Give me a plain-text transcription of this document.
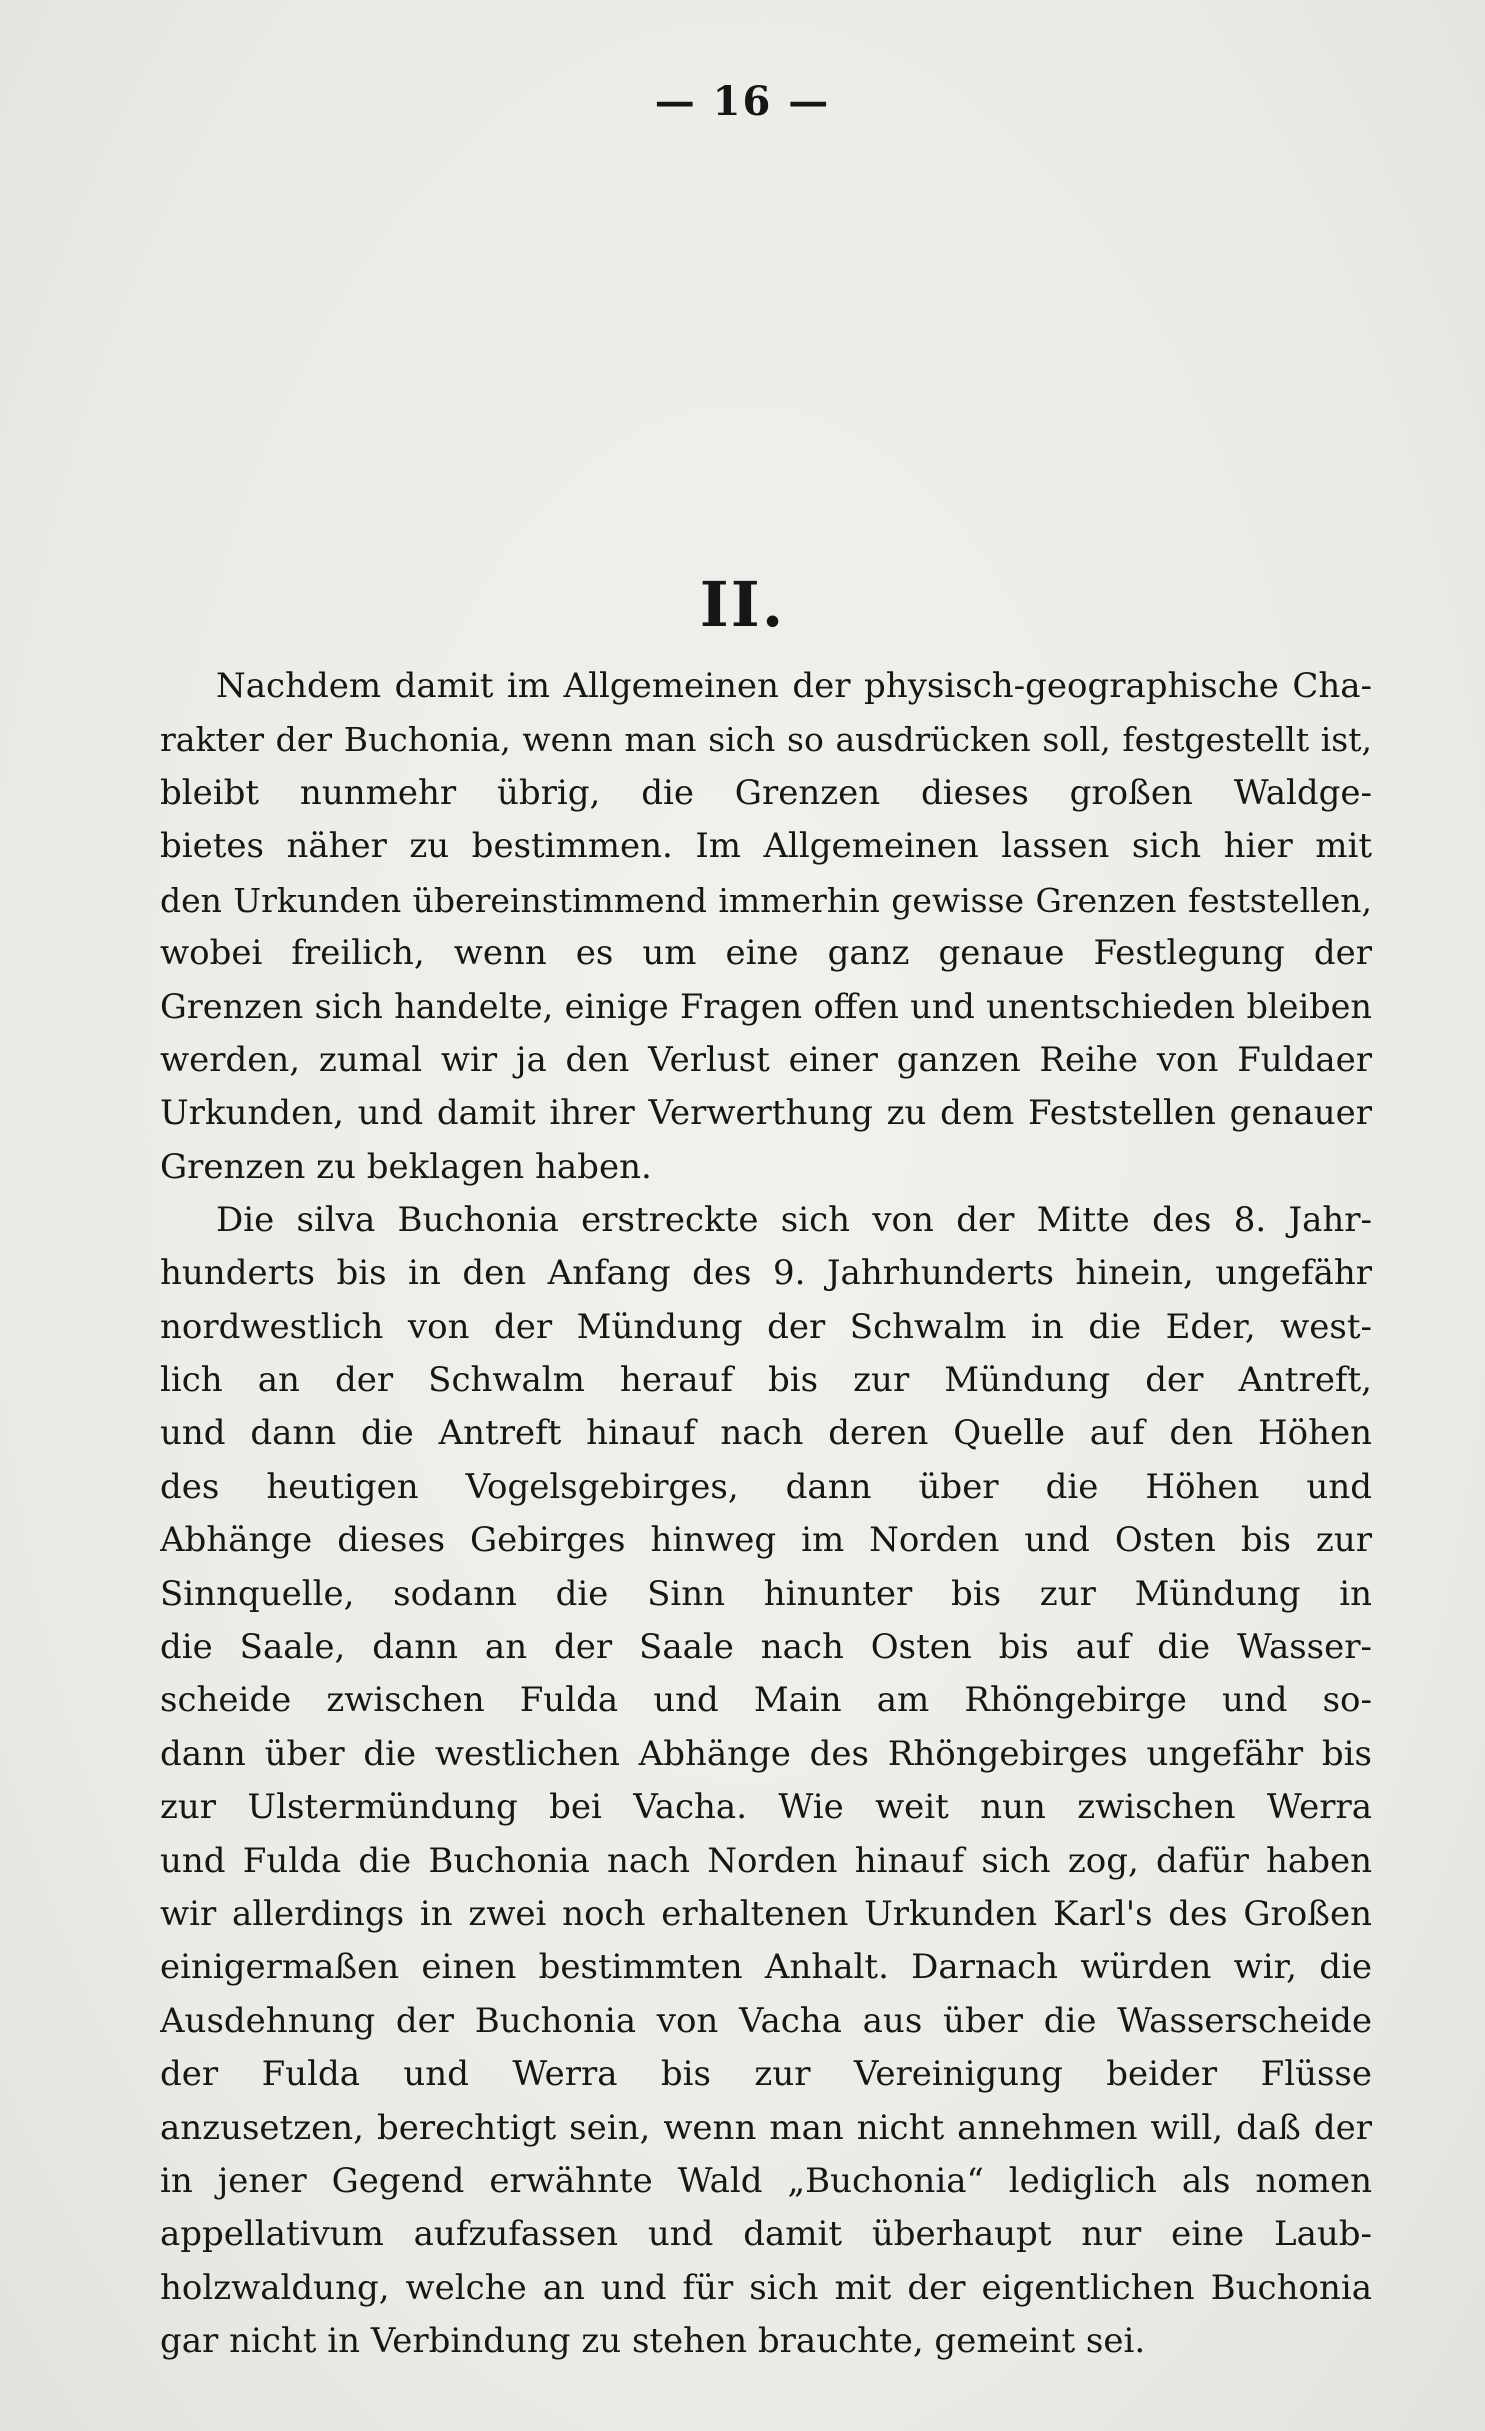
— 16 —
II.
Nachdem damit im Allgemeinen der physisch-geographische Cha-
rakter der Buchonia, wenn man sich so ausdrücken soll, festgestellt ist,
bleibt nunmehr übrig, die Grenzen dieses großen Waldge-
bietes näher zu bestimmen. Im Allgemeinen lassen sich hier mit
den Urkunden übereinstimmend immerhin gewisse Grenzen feststellen,
wobei freilich, wenn es um eine ganz genaue Festlegung der
Grenzen sich handelte, einige Fragen offen und unentschieden bleiben
werden, zumal wir ja den Verlust einer ganzen Reihe von Fuldaer
Urkunden, und damit ihrer Verwerthung zu dem Feststellen genauer
Grenzen zu beklagen haben.
Die silva Buchonia erstreckte sich von der Mitte des 8. Jahr-
hunderts bis in den Anfang des 9. Jahrhunderts hinein, ungefähr
nordwestlich von der Mündung der Schwalm in die Eder, west-
lich an der Schwalm herauf bis zur Mündung der Antreft,
und dann die Antreft hinauf nach deren Quelle auf den Höhen
des heutigen Vogelsgebirges, dann über die Höhen und
Abhänge dieses Gebirges hinweg im Norden und Osten bis zur
Sinnquelle, sodann die Sinn hinunter bis zur Mündung in
die Saale, dann an der Saale nach Osten bis auf die Wasser-
scheide zwischen Fulda und Main am Rhöngebirge und so-
dann über die westlichen Abhänge des Rhöngebirges ungefähr bis
zur Ulstermündung bei Vacha. Wie weit nun zwischen Werra
und Fulda die Buchonia nach Norden hinauf sich zog, dafür haben
wir allerdings in zwei noch erhaltenen Urkunden Karl's des Großen
einigermaßen einen bestimmten Anhalt. Darnach würden wir, die
Ausdehnung der Buchonia von Vacha aus über die Wasserscheide
der Fulda und Werra bis zur Vereinigung beider Flüsse
anzusetzen, berechtigt sein, wenn man nicht annehmen will, daß der
in jener Gegend erwähnte Wald „Buchonia“ lediglich als nomen
appellativum aufzufassen und damit überhaupt nur eine Laub-
holzwaldung, welche an und für sich mit der eigentlichen Buchonia
gar nicht in Verbindung zu stehen brauchte, gemeint sei.
